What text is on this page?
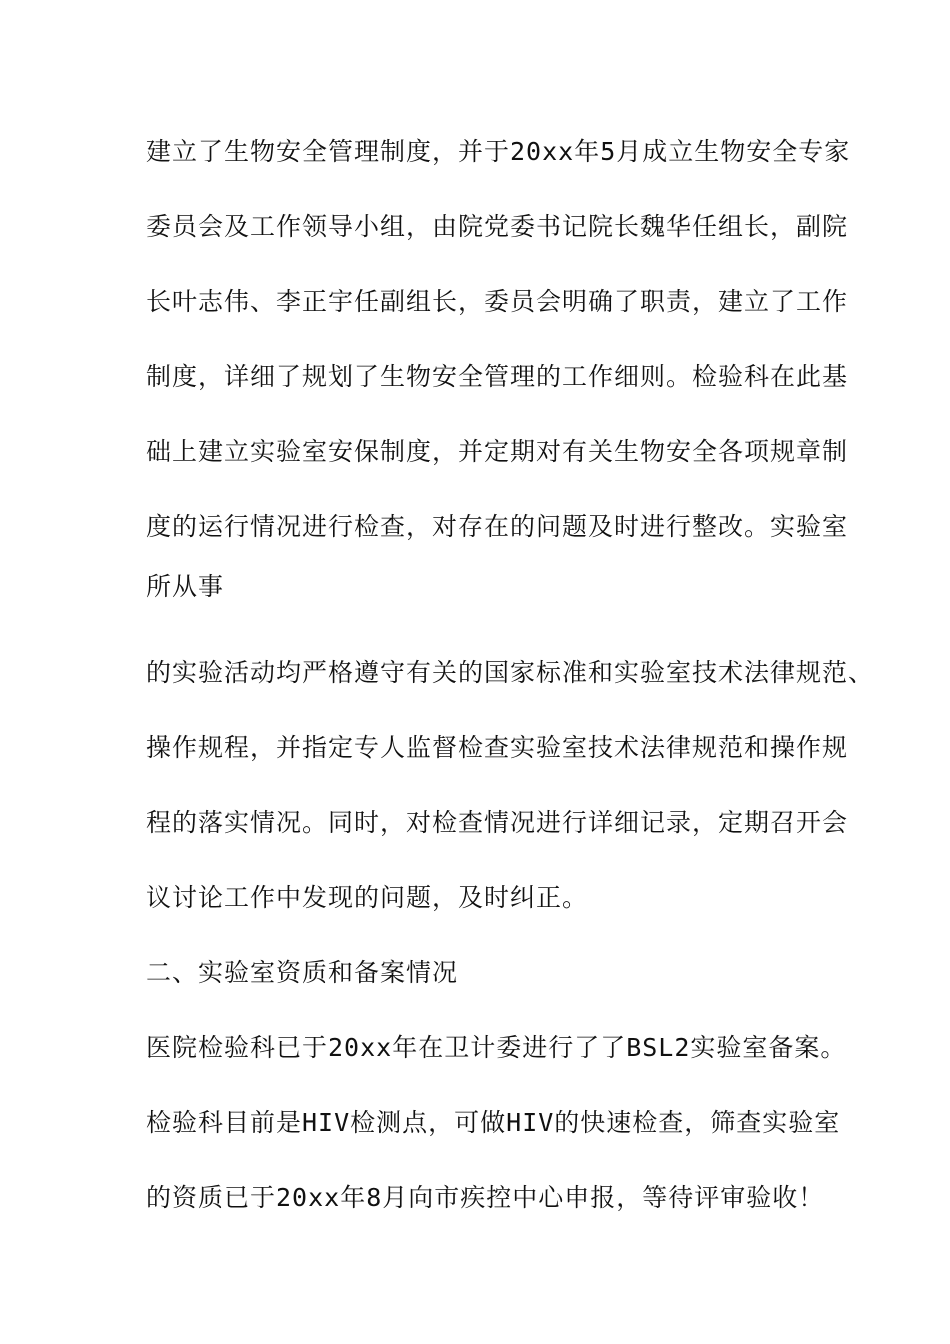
建立了生物安全管理制度，并于20xx年5月成立生物安全专家
委员会及工作领导小组，由院党委书记院长魏华任组长，副院
长叶志伟、李正宇任副组长，委员会明确了职责，建立了工作
制度，详细了规划了生物安全管理的工作细则。检验科在此基
础上建立实验室安保制度，并定期对有关生物安全各项规章制
度的运行情况进行检查，对存在的问题及时进行整改。实验室
所从事
的实验活动均严格遵守有关的国家标准和实验室技术法律规范、
操作规程，并指定专人监督检查实验室技术法律规范和操作规
程的落实情况。同时，对检查情况进行详细记录，定期召开会
议讨论工作中发现的问题，及时纠正。
二、实验室资质和备案情况
医院检验科已于20xx年在卫计委进行了了BSL2实验室备案。
检验科目前是HIV检测点，可做HIV的快速检查，筛查实验室
的资质已于20xx年8月向市疾控中心申报，等待评审验收！
